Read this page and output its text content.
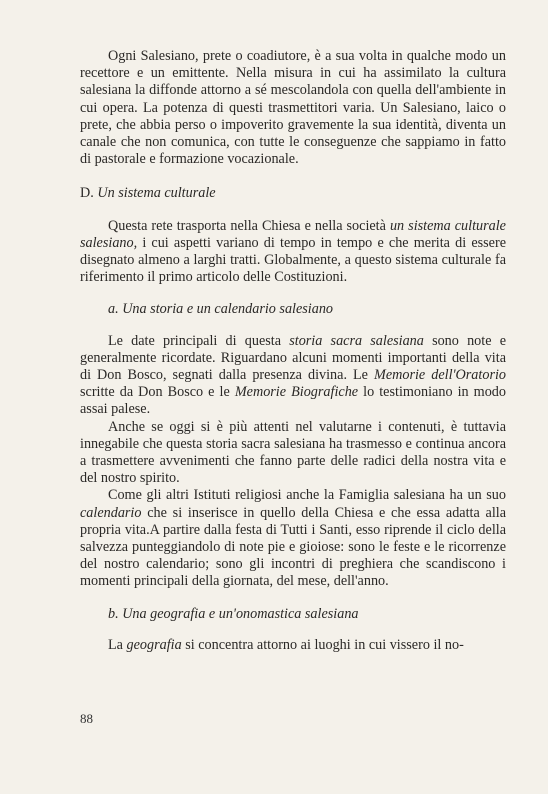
Ogni Salesiano, prete o coadiutore, è a sua volta in qualche modo un recettore e un emittente. Nella misura in cui ha assimilato la cultura salesiana la diffonde attorno a sé mescolandola con quella dell'ambiente in cui opera. La potenza di questi trasmettitori varia. Un Salesiano, laico o prete, che abbia perso o impoverito gravemente la sua identità, diventa un canale che non comunica, con tutte le conseguenze che sappiamo in fatto di pastorale e formazione vocazionale.

D. Un sistema culturale

Questa rete trasporta nella Chiesa e nella società un sistema culturale salesiano, i cui aspetti variano di tempo in tempo e che merita di essere disegnato almeno a larghi tratti. Globalmente, a questo sistema culturale fa riferimento il primo articolo delle Costituzioni.

a. Una storia e un calendario salesiano

Le date principali di questa storia sacra salesiana sono note e generalmente ricordate. Riguardano alcuni momenti importanti della vita di Don Bosco, segnati dalla presenza divina. Le Memorie dell'Oratorio scritte da Don Bosco e le Memorie Biografiche lo testimoniano in modo assai palese.

Anche se oggi si è più attenti nel valutarne i contenuti, è tuttavia innegabile che questa storia sacra salesiana ha trasmesso e continua ancora a trasmettere avvenimenti che fanno parte delle radici della nostra vita e del nostro spirito.

Come gli altri Istituti religiosi anche la Famiglia salesiana ha un suo calendario che si inserisce in quello della Chiesa e che essa adatta alla propria vita.A partire dalla festa di Tutti i Santi, esso riprende il ciclo della salvezza punteggiandolo di note pie e gioiose: sono le feste e le ricorrenze del nostro calendario; sono gli incontri di preghiera che scandiscono i momenti principali della giornata, del mese, dell'anno.

b. Una geografia e un'onomastica salesiana

La geografia si concentra attorno ai luoghi in cui vissero il no-

88
